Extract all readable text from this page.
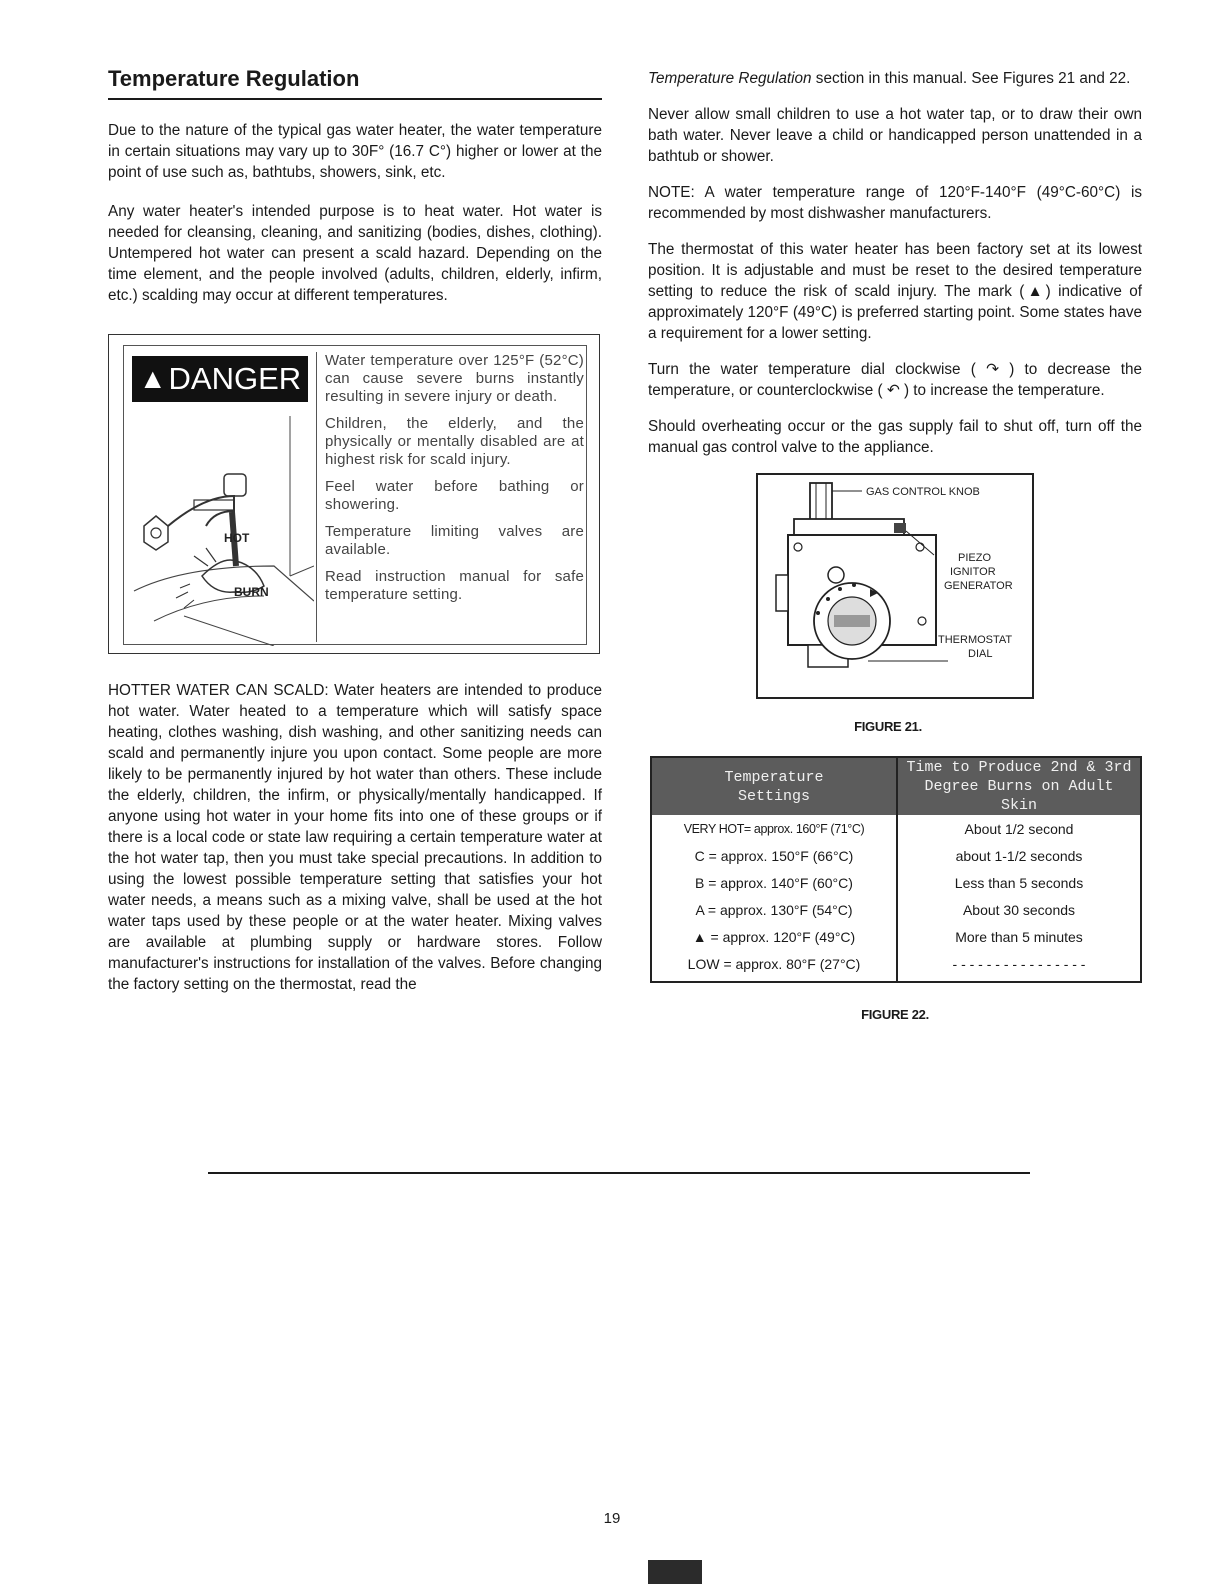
Temperature Regulation

Due to the nature of the typical gas water heater, the water temperature in certain situations may vary up to 30F° (16.7 C°) higher or lower at the point of use such as, bathtubs, showers, sink, etc.

Any water heater's intended purpose is to heat water. Hot water is needed for cleansing, cleaning, and sanitizing (bodies, dishes, clothing). Untempered hot water can present a scald hazard. Depending on the time element, and the people involved (adults, children, elderly, infirm, etc.) scalding may occur at different temperatures.

▲ DANGER
HOT
BURN

Water temperature over 125°F (52°C) can cause severe burns instantly resulting in severe injury or death.

Children, the elderly, and the physically or mentally disabled are at highest risk for scald injury.

Feel water before bathing or showering.

Temperature limiting valves are available.

Read instruction manual for safe temperature setting.

HOTTER WATER CAN SCALD: Water heaters are intended to produce hot water. Water heated to a temperature which will satisfy space heating, clothes washing, dish washing, and other sanitizing needs can scald and permanently injure you upon contact. Some people are more likely to be permanently injured by hot water than others. These include the elderly, children, the infirm, or physically/mentally handicapped. If anyone using hot water in your home fits into one of these groups or if there is a local code or state law requiring a certain temperature water at the hot water tap, then you must take special precautions. In addition to using the lowest possible temperature setting that satisfies your hot water needs, a means such as a mixing valve, shall be used at the hot water taps used by these people or at the water heater. Mixing valves are available at plumbing supply or hardware stores. Follow manufacturer's instructions for installation of the valves. Before changing the factory setting on the thermostat, read the

Temperature Regulation section in this manual. See Figures 21 and 22.

Never allow small children to use a hot water tap, or to draw their own bath water. Never leave a child or handicapped person unattended in a bathtub or shower.

NOTE: A water temperature range of 120°F-140°F (49°C-60°C) is recommended by most dishwasher manufacturers.

The thermostat of this water heater has been factory set at its lowest position. It is adjustable and must be reset to the desired temperature setting to reduce the risk of scald injury. The mark (▲) indicative of approximately 120°F (49°C) is preferred starting point. Some states have a requirement for a lower setting.

Turn the water temperature dial clockwise ( ↷ ) to decrease the temperature, or counterclockwise ( ↶ ) to increase the temperature.

Should overheating occur or the gas supply fail to shut off, turn off the manual gas control valve to the appliance.

GAS CONTROL KNOB
PIEZO
IGNITOR
GENERATOR
THERMOSTAT
DIAL
FIGURE 21.
Temperature
Settings	Time to Produce 2nd & 3rd
Degree Burns on Adult Skin
VERY HOT= approx. 160°F (71°C)	About 1/2 second
C = approx. 150°F (66°C)	about 1-1/2 seconds
B = approx. 140°F (60°C)	Less than 5 seconds
A = approx. 130°F (54°C)	About 30 seconds
▲ = approx. 120°F (49°C)	More than 5 minutes
LOW = approx. 80°F (27°C)	- - - - - - - - - - - - - - - -
FIGURE 22.
19
